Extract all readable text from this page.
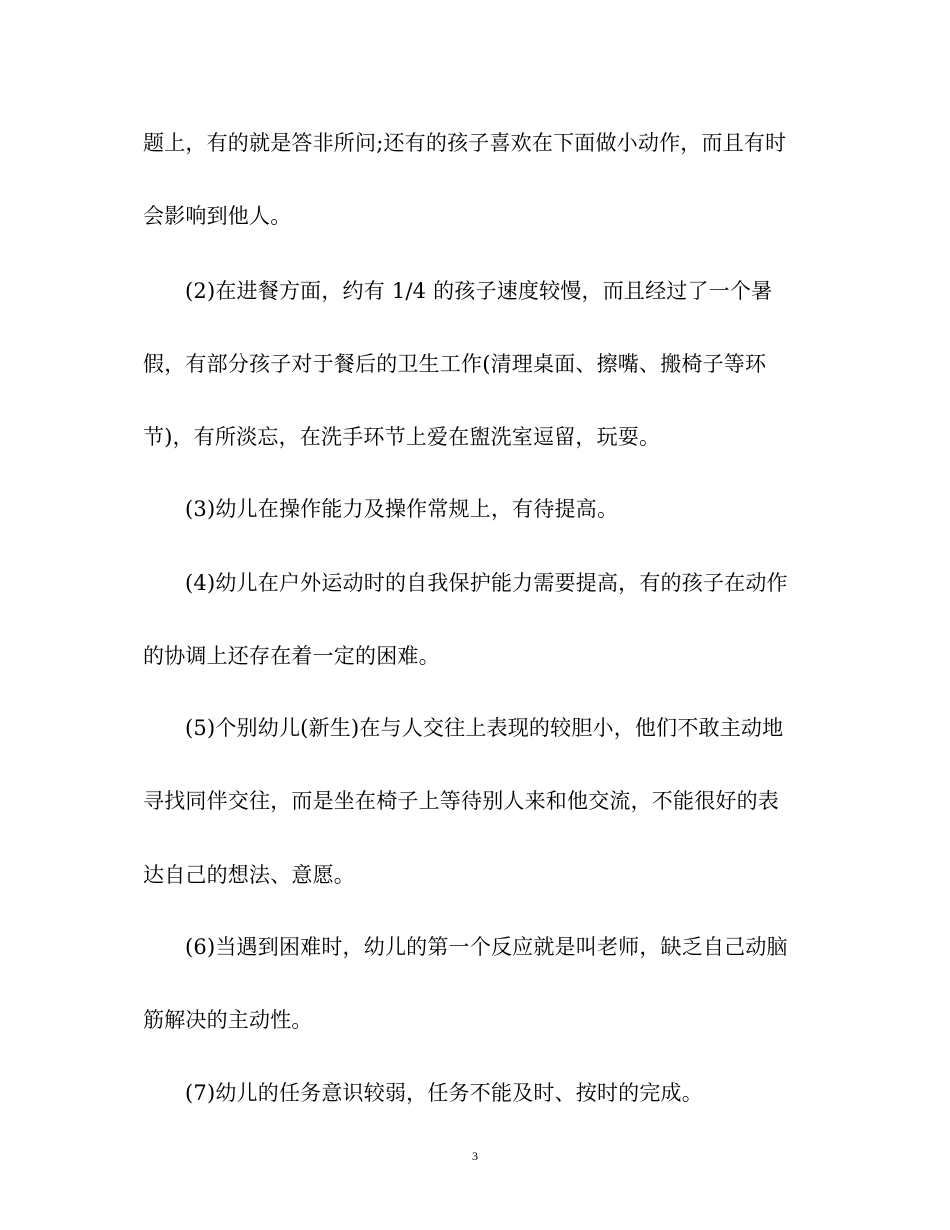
题上，有的就是答非所问;还有的孩子喜欢在下面做小动作，而且有时

会影响到他人。

(2)在进餐方面，约有 1/4 的孩子速度较慢，而且经过了一个暑

假，有部分孩子对于餐后的卫生工作(清理桌面、擦嘴、搬椅子等环

节)，有所淡忘，在洗手环节上爱在盥洗室逗留，玩耍。

(3)幼儿在操作能力及操作常规上，有待提高。

(4)幼儿在户外运动时的自我保护能力需要提高，有的孩子在动作

的协调上还存在着一定的困难。

(5)个别幼儿(新生)在与人交往上表现的较胆小，他们不敢主动地

寻找同伴交往，而是坐在椅子上等待别人来和他交流，不能很好的表

达自己的想法、意愿。

(6)当遇到困难时，幼儿的第一个反应就是叫老师，缺乏自己动脑

筋解决的主动性。

(7)幼儿的任务意识较弱，任务不能及时、按时的完成。

3
